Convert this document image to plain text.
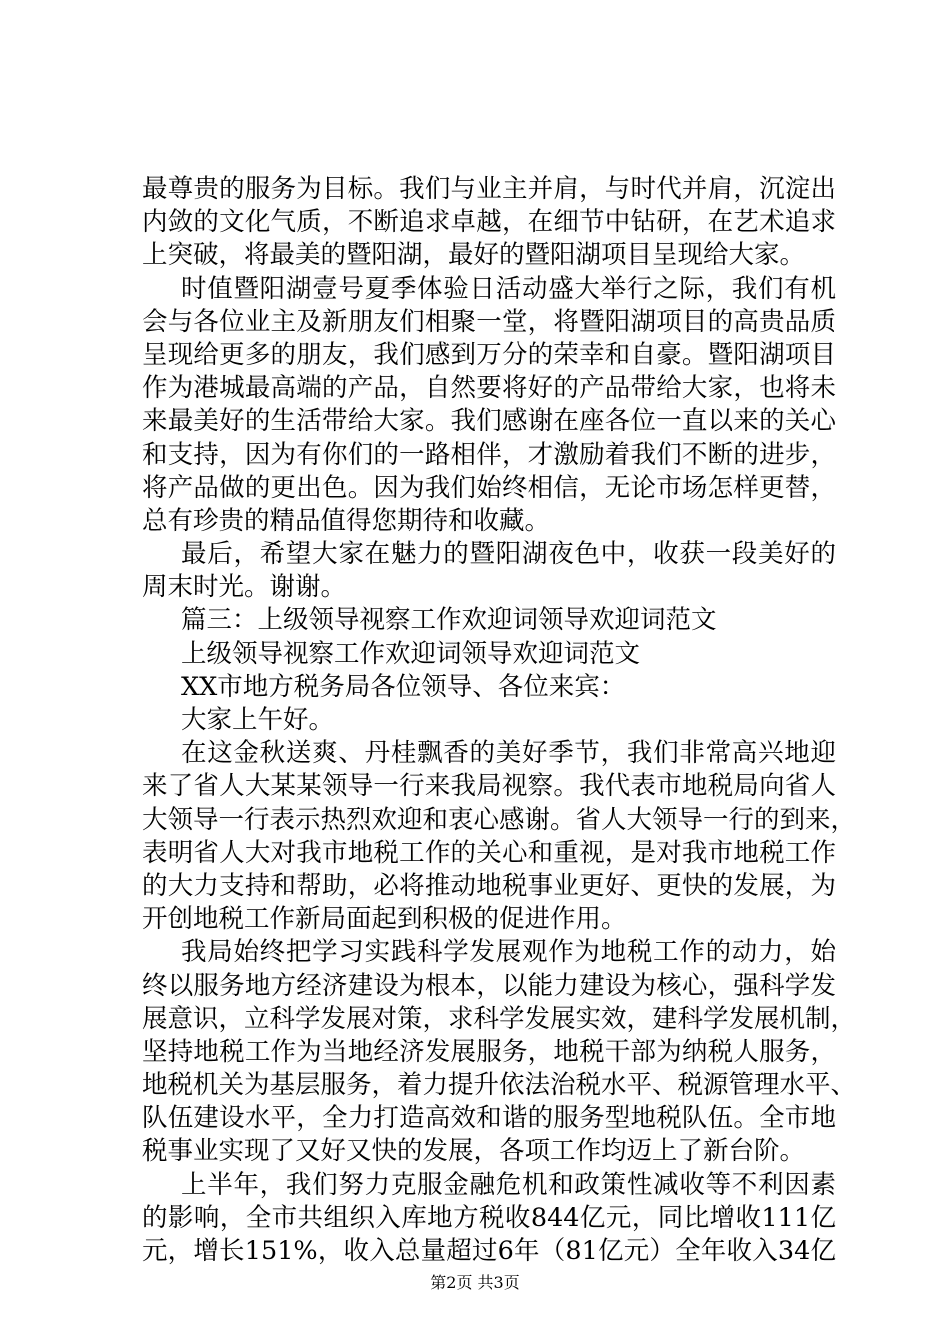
最尊贵的服务为目标。我们与业主并肩，与时代并肩，沉淀出
内敛的文化气质，不断追求卓越，在细节中钻研，在艺术追求
上突破，将最美的暨阳湖，最好的暨阳湖项目呈现给大家。
时值暨阳湖壹号夏季体验日活动盛大举行之际，我们有机
会与各位业主及新朋友们相聚一堂，将暨阳湖项目的高贵品质
呈现给更多的朋友，我们感到万分的荣幸和自豪。暨阳湖项目
作为港城最高端的产品，自然要将好的产品带给大家，也将未
来最美好的生活带给大家。我们感谢在座各位一直以来的关心
和支持，因为有你们的一路相伴，才激励着我们不断的进步，
将产品做的更出色。因为我们始终相信，无论市场怎样更替，
总有珍贵的精品值得您期待和收藏。
最后，希望大家在魅力的暨阳湖夜色中，收获一段美好的
周末时光。谢谢。
篇三：上级领导视察工作欢迎词领导欢迎词范文
上级领导视察工作欢迎词领导欢迎词范文
XX市地方税务局各位领导、各位来宾：
大家上午好。
在这金秋送爽、丹桂飘香的美好季节，我们非常高兴地迎
来了省人大某某领导一行来我局视察。我代表市地税局向省人
大领导一行表示热烈欢迎和衷心感谢。省人大领导一行的到来，
表明省人大对我市地税工作的关心和重视，是对我市地税工作
的大力支持和帮助，必将推动地税事业更好、更快的发展，为
开创地税工作新局面起到积极的促进作用。
我局始终把学习实践科学发展观作为地税工作的动力，始
终以服务地方经济建设为根本，以能力建设为核心，强科学发
展意识，立科学发展对策，求科学发展实效，建科学发展机制，
坚持地税工作为当地经济发展服务，地税干部为纳税人服务，
地税机关为基层服务，着力提升依法治税水平、税源管理水平、
队伍建设水平，全力打造高效和谐的服务型地税队伍。全市地
税事业实现了又好又快的发展，各项工作均迈上了新台阶。
上半年，我们努力克服金融危机和政策性减收等不利因素
的影响，全市共组织入库地方税收844亿元，同比增收111亿
元，增长151%，收入总量超过6年（81亿元）全年收入34亿
第2页 共3页
